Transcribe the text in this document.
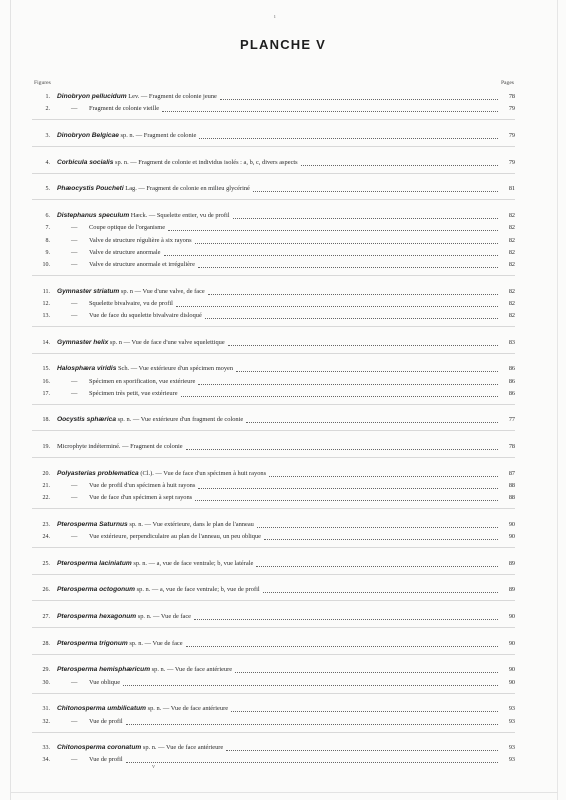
ı
v
PLANCHE V
Figures	Pages
1. Dinobryon pellucidum Lev. — Fragment de colonie jeune	78
2.	—	Fragment de colonie vieille	79
3. Dinobryon Belgicae sp. n. — Fragment de colonie	79
4. Corbicula socialis sp. n. — Fragment de colonie et individus isolés : a, b, c, divers aspects	79
5. Phæocystis Poucheti Lag. — Fragment de colonie en milieu glycériné	81
6. Distephanus speculum Hæck. — Squelette entier, vu de profil	82
7.	—	Coupe optique de l'organisme	82
8.	—	Valve de structure régulière à six rayons	82
9.	—	Valve de structure anormale	82
10.	—	Valve de structure anormale et irrégulière	82
11. Gymnaster striatum sp. n — Vue d'une valve, de face	82
12.	—	Squelette bivalvaire, vu de profil	82
13.	—	Vue de face du squelette bivalvaire disloqué	82
14. Gymnaster helix sp. n — Vue de face d'une valve squelettique	83
15. Halosphæra viridis Sch. — Vue extérieure d'un spécimen moyen	86
16.	—	Spécimen en sporification, vue extérieure	86
17.	—	Spécimen très petit, vue extérieure	86
18. Oocystis sphærica sp. n. — Vue extérieure d'un fragment de colonie	77
19. Microphyte indéterminé. — Fragment de colonie	78
20. Polyasterias problematica (Cl.). — Vue de face d'un spécimen à huit rayons	87
21.	—	Vue de profil d'un spécimen à huit rayons	88
22.	—	Vue de face d'un spécimen à sept rayons	88
23. Pterosperma Saturnus sp. n. — Vue extérieure, dans le plan de l'anneau	90
24.	—	Vue extérieure, perpendiculaire au plan de l'anneau, un peu oblique	90
25. Pterosperma laciniatum sp. n. — a, vue de face ventrale; b, vue latérale	89
26. Pterosperma octogonum sp. n. — a, vue de face ventrale; b, vue de profil	89
27. Pterosperma hexagonum sp. n. — Vue de face	90
28. Pterosperma trigonum sp. n. — Vue de face	90
29. Pterosperma hemisphæricum sp. n. — Vue de face antérieure	90
30.	—	Vue oblique	90
31. Chitonosperma umbilicatum sp. n. — Vue de face antérieure	93
32.	—	Vue de profil	93
33. Chitonosperma coronatum sp. n. — Vue de face antérieure	93
34.	—	Vue de profil	93
